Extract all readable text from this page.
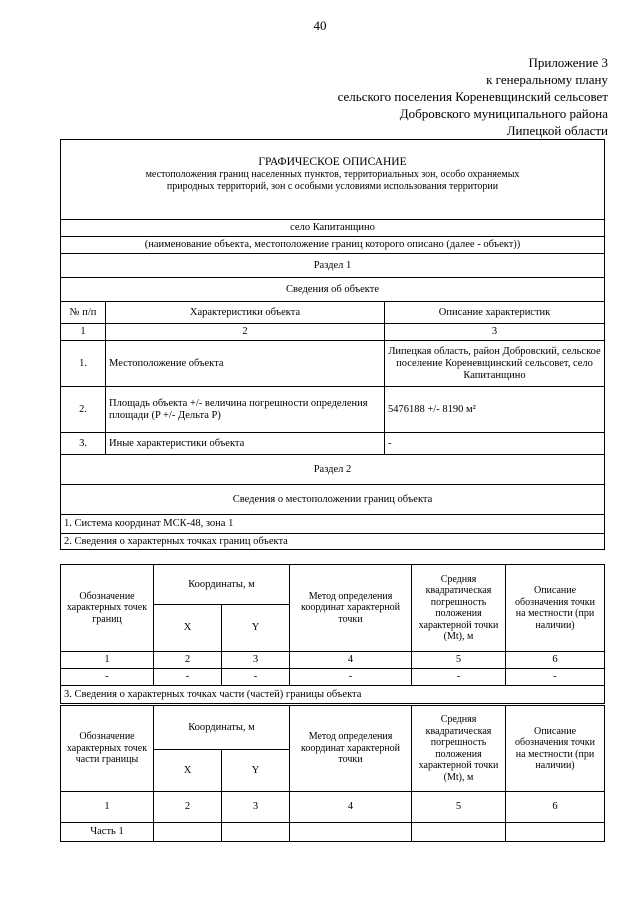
40
Приложение 3
к генеральному плану
сельского поселения Кореневщинский сельсовет
Добровского муниципального района
Липецкой области
ГРАФИЧЕСКОЕ ОПИСАНИЕ
местоположения границ населенных пунктов, территориальных зон, особо охраняемых
природных территорий, зон с особыми условиями использования территории		

село Капитанщино		
(наименование объекта, местоположение границ которого описано (далее - объект))		
Раздел 1		
Сведения об объекте		
№ п/п	Характеристики объекта	Описание характеристик
1	2	3
1.	Местоположение объекта	Липецкая область, район Добровский, сельское поселение Кореневщинский сельсовет, село Капитанщино
2.	Площадь объекта +/- величина погрешности определения площади (P +/- Дельта P)	5476188 +/- 8190 м²
3.	Иные характеристики объекта	-
Раздел 2		
Сведения о местоположении границ объекта		
1. Система координат МСК-48, зона 1		
2. Сведения о характерных точках границ объекта		
Обозначение характерных точек границ	Координаты, м		Метод определения координат характерной точки	Средняя квадратическая погрешность положения характерной точки (Mt), м	Описание обозначения точки на местности (при наличии)
	X	Y			
1	2	3	4	5	6
-	-	-	-	-	-
3. Сведения о характерных точках части (частей) границы объекта					
Обозначение характерных точек части границы	Координаты, м		Метод определения координат характерной точки	Средняя квадратическая погрешность положения характерной точки (Mt), м	Описание обозначения точки на местности (при наличии)
	X	Y			
1	2	3	4	5	6
Часть 1					
